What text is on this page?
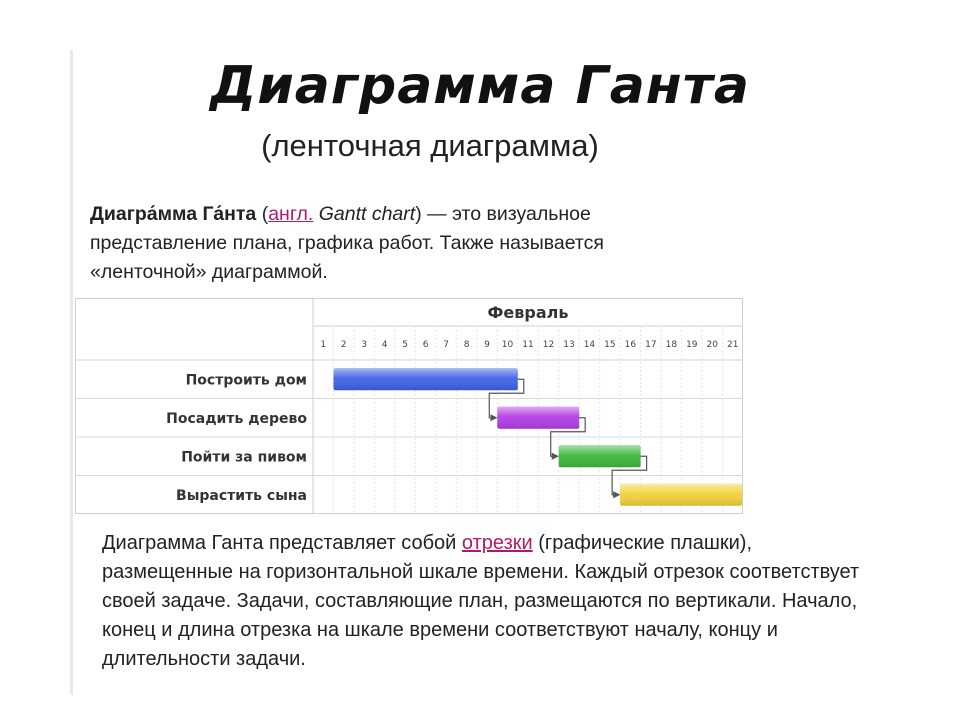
Диаграмма Ганта
(ленточная диаграмма)
Диагра́мма Га́нта (англ. Gantt chart) — это визуальное
представление плана, графика работ. Также называется
«ленточной» диаграммой.
Февраль
1 2 3 4 5 6 7 8 9 10 11 12 13 14 15 16 17 18 19 20 21
Построить дом
Посадить дерево
Пойти за пивом
Вырастить сына
Диаграмма Ганта представляет собой отрезки (графические плашки), размещенные на горизонтальной шкале времени. Каждый отрезок соответствует своей задаче. Задачи, составляющие план, размещаются по вертикали. Начало, конец и длина отрезка на шкале времени соответствуют началу, концу и длительности задачи.
